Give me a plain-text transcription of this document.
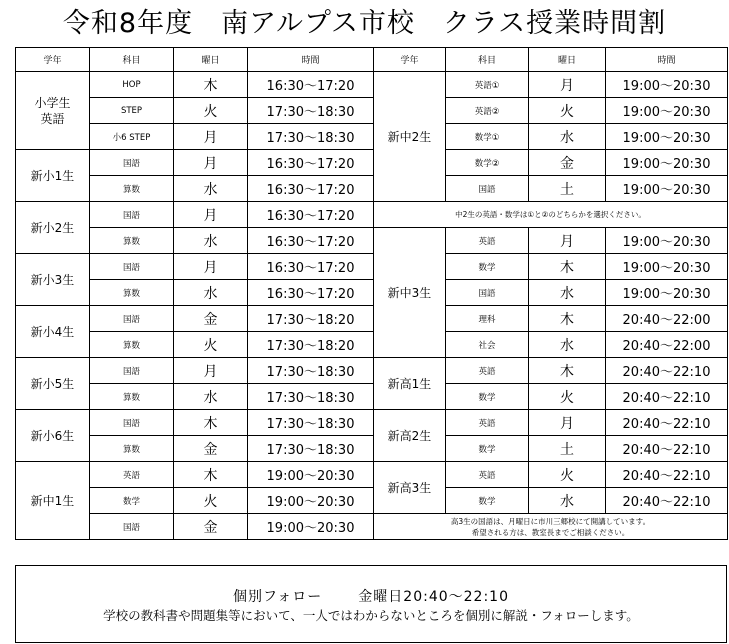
令和8年度　南アルプス市校　クラス授業時間割
学年	科目	曜日	時間	学年	科目	曜日	時間
小学生
英語	HOP	木	16:30～17:20	新中2生	英語①	月	19:00～20:30
	STEP	火	17:30～18:30		英語②	火	19:00～20:30
	小6 STEP	月	17:30～18:30		数学①	水	19:00～20:30
新小1生	国語	月	16:30～17:20		数学②	金	19:00～20:30
	算数	水	16:30～17:20		国語	土	19:00～20:30
新小2生	国語	月	16:30～17:20	中2生の英語・数学は①と②のどちらかを選択ください。			
	算数	水	16:30～17:20	新中3生	英語	月	19:00～20:30
新小3生	国語	月	16:30～17:20		数学	木	19:00～20:30
	算数	水	16:30～17:20		国語	水	19:00～20:30
新小4生	国語	金	17:30～18:20		理科	木	20:40～22:00
	算数	火	17:30～18:20		社会	水	20:40～22:00
新小5生	国語	月	17:30～18:30	新高1生	英語	木	20:40～22:10
	算数	水	17:30～18:30		数学	火	20:40～22:10
新小6生	国語	木	17:30～18:30	新高2生	英語	月	20:40～22:10
	算数	金	17:30～18:30		数学	土	20:40～22:10
新中1生	英語	木	19:00～20:30	新高3生	英語	火	20:40～22:10
	数学	火	19:00～20:30		数学	水	20:40～22:10
	国語	金	19:00～20:30	高3生の国語は、月曜日に市川三郷校にて開講しています。
希望される方は、教室長までご相談ください。			
個別フォロー	金曜日20:40～22:10
学校の教科書や問題集等において、一人ではわからないところを個別に解説・フォローします。
